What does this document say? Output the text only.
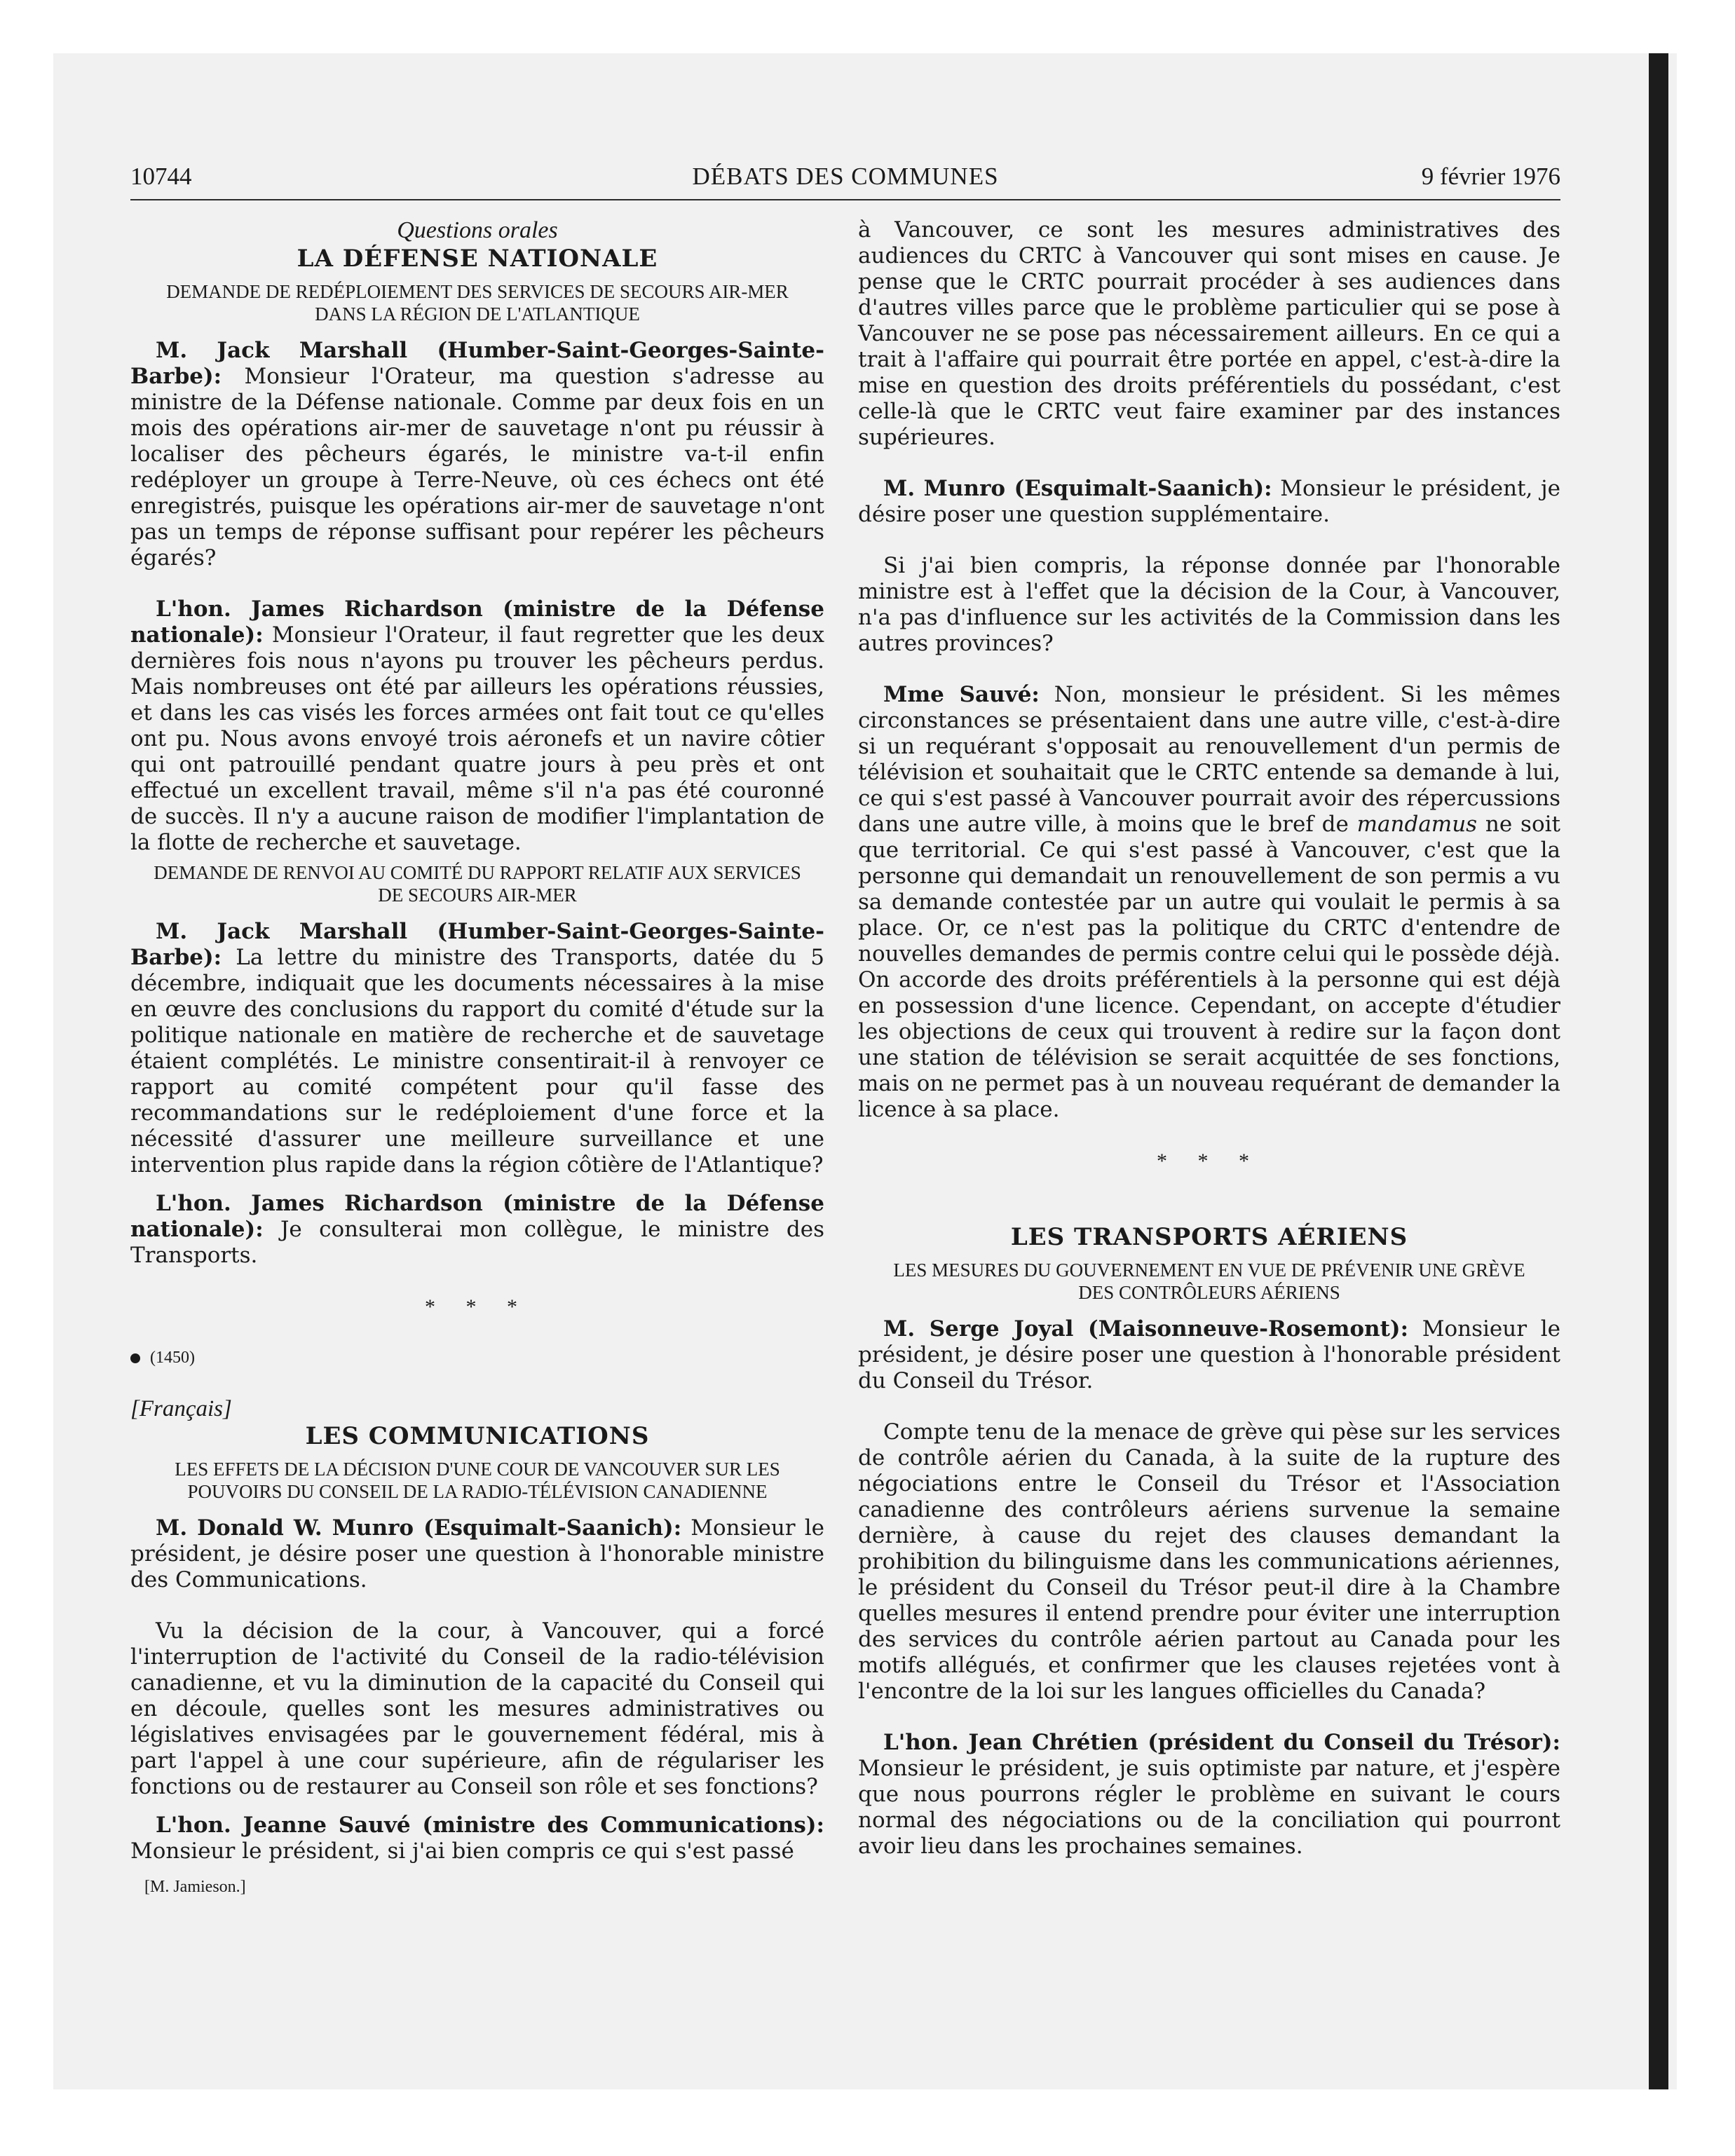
10744	DÉBATS DES COMMUNES	9 février 1976
Questions orales
LA DÉFENSE NATIONALE
DEMANDE DE REDÉPLOIEMENT DES SERVICES DE SECOURS AIR-MER DANS LA RÉGION DE L'ATLANTIQUE

M. Jack Marshall (Humber-Saint-Georges-Sainte-Barbe): Monsieur l'Orateur, ma question s'adresse au ministre de la Défense nationale. Comme par deux fois en un mois des opérations air-mer de sauvetage n'ont pu réussir à localiser des pêcheurs égarés, le ministre va-t-il enfin redéployer un groupe à Terre-Neuve, où ces échecs ont été enregistrés, puisque les opérations air-mer de sauvetage n'ont pas un temps de réponse suffisant pour repérer les pêcheurs égarés?

L'hon. James Richardson (ministre de la Défense nationale): Monsieur l'Orateur, il faut regretter que les deux dernières fois nous n'ayons pu trouver les pêcheurs perdus. Mais nombreuses ont été par ailleurs les opérations réussies, et dans les cas visés les forces armées ont fait tout ce qu'elles ont pu. Nous avons envoyé trois aéronefs et un navire côtier qui ont patrouillé pendant quatre jours à peu près et ont effectué un excellent travail, même s'il n'a pas été couronné de succès. Il n'y a aucune raison de modifier l'implantation de la flotte de recherche et sauvetage.

DEMANDE DE RENVOI AU COMITÉ DU RAPPORT RELATIF AUX SERVICES DE SECOURS AIR-MER

M. Jack Marshall (Humber-Saint-Georges-Sainte-Barbe): La lettre du ministre des Transports, datée du 5 décembre, indiquait que les documents nécessaires à la mise en œuvre des conclusions du rapport du comité d'étude sur la politique nationale en matière de recherche et de sauvetage étaient complétés. Le ministre consentirait-il à renvoyer ce rapport au comité compétent pour qu'il fasse des recommandations sur le redéploiement d'une force et la nécessité d'assurer une meilleure surveillance et une intervention plus rapide dans la région côtière de l'Atlantique?

L'hon. James Richardson (ministre de la Défense nationale): Je consulterai mon collègue, le ministre des Transports.

* * *
(1450)
[Français]
LES COMMUNICATIONS
LES EFFETS DE LA DÉCISION D'UNE COUR DE VANCOUVER SUR LES POUVOIRS DU CONSEIL DE LA RADIO-TÉLÉVISION CANADIENNE

M. Donald W. Munro (Esquimalt-Saanich): Monsieur le président, je désire poser une question à l'honorable ministre des Communications.

Vu la décision de la cour, à Vancouver, qui a forcé l'interruption de l'activité du Conseil de la radio-télévision canadienne, et vu la diminution de la capacité du Conseil qui en découle, quelles sont les mesures administratives ou législatives envisagées par le gouvernement fédéral, mis à part l'appel à une cour supérieure, afin de régulariser les fonctions ou de restaurer au Conseil son rôle et ses fonctions?

L'hon. Jeanne Sauvé (ministre des Communications): Monsieur le président, si j'ai bien compris ce qui s'est passé

[M. Jamieson.]

à Vancouver, ce sont les mesures administratives des audiences du CRTC à Vancouver qui sont mises en cause. Je pense que le CRTC pourrait procéder à ses audiences dans d'autres villes parce que le problème particulier qui se pose à Vancouver ne se pose pas nécessairement ailleurs. En ce qui a trait à l'affaire qui pourrait être portée en appel, c'est-à-dire la mise en question des droits préférentiels du possédant, c'est celle-là que le CRTC veut faire examiner par des instances supérieures.

M. Munro (Esquimalt-Saanich): Monsieur le président, je désire poser une question supplémentaire.

Si j'ai bien compris, la réponse donnée par l'honorable ministre est à l'effet que la décision de la Cour, à Vancouver, n'a pas d'influence sur les activités de la Commission dans les autres provinces?

Mme Sauvé: Non, monsieur le président. Si les mêmes circonstances se présentaient dans une autre ville, c'est-à-dire si un requérant s'opposait au renouvellement d'un permis de télévision et souhaitait que le CRTC entende sa demande à lui, ce qui s'est passé à Vancouver pourrait avoir des répercussions dans une autre ville, à moins que le bref de mandamus ne soit que territorial. Ce qui s'est passé à Vancouver, c'est que la personne qui demandait un renouvellement de son permis a vu sa demande contestée par un autre qui voulait le permis à sa place. Or, ce n'est pas la politique du CRTC d'entendre de nouvelles demandes de permis contre celui qui le possède déjà. On accorde des droits préférentiels à la personne qui est déjà en possession d'une licence. Cependant, on accepte d'étudier les objections de ceux qui trouvent à redire sur la façon dont une station de télévision se serait acquittée de ses fonctions, mais on ne permet pas à un nouveau requérant de demander la licence à sa place.

* * *
LES TRANSPORTS AÉRIENS
LES MESURES DU GOUVERNEMENT EN VUE DE PRÉVENIR UNE GRÈVE DES CONTRÔLEURS AÉRIENS

M. Serge Joyal (Maisonneuve-Rosemont): Monsieur le président, je désire poser une question à l'honorable président du Conseil du Trésor.

Compte tenu de la menace de grève qui pèse sur les services de contrôle aérien du Canada, à la suite de la rupture des négociations entre le Conseil du Trésor et l'Association canadienne des contrôleurs aériens survenue la semaine dernière, à cause du rejet des clauses demandant la prohibition du bilinguisme dans les communications aériennes, le président du Conseil du Trésor peut-il dire à la Chambre quelles mesures il entend prendre pour éviter une interruption des services du contrôle aérien partout au Canada pour les motifs allégués, et confirmer que les clauses rejetées vont à l'encontre de la loi sur les langues officielles du Canada?

L'hon. Jean Chrétien (président du Conseil du Trésor): Monsieur le président, je suis optimiste par nature, et j'espère que nous pourrons régler le problème en suivant le cours normal des négociations ou de la conciliation qui pourront avoir lieu dans les prochaines semaines.
